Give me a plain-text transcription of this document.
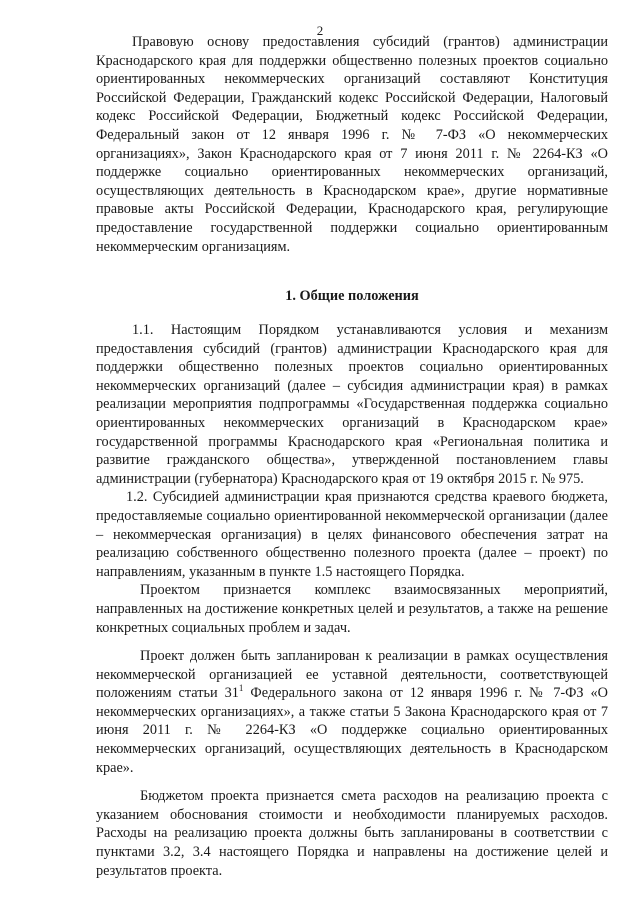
2

Правовую основу предоставления субсидий (грантов) администрации Краснодарского края для поддержки общественно полезных проектов социально ориентированных некоммерческих организаций составляют Конституция Российской Федерации, Гражданский кодекс Российской Федерации, Налоговый кодекс Российской Федерации, Бюджетный кодекс Российской Федерации, Федеральный закон от 12 января 1996 г. № 7-ФЗ «О некоммерческих организациях», Закон Краснодарского края от 7 июня 2011 г. № 2264-КЗ «О поддержке социально ориентированных некоммерческих организаций, осуществляющих деятельность в Краснодарском крае», другие нормативные правовые акты Российской Федерации, Краснодарского края, регулирующие предоставление государственной поддержки социально ориентированным некоммерческим организациям.

1. Общие положения

1.1. Настоящим Порядком устанавливаются условия и механизм предоставления субсидий (грантов) администрации Краснодарского края для поддержки общественно полезных проектов социально ориентированных некоммерческих организаций (далее – субсидия администрации края) в рамках реализации мероприятия подпрограммы «Государственная поддержка социально ориентированных некоммерческих организаций в Краснодарском крае» государственной программы Краснодарского края «Региональная политика и развитие гражданского общества», утвержденной постановлением главы администрации (губернатора) Краснодарского края от 19 октября 2015 г. № 975.

1.2. Субсидией администрации края признаются средства краевого бюджета, предоставляемые социально ориентированной некоммерческой организации (далее – некоммерческая организация) в целях финансового обеспечения затрат на реализацию собственного общественно полезного проекта (далее – проект) по направлениям, указанным в пункте 1.5 настоящего Порядка.

Проектом признается комплекс взаимосвязанных мероприятий, направленных на достижение конкретных целей и результатов, а также на решение конкретных социальных проблем и задач.

Проект должен быть запланирован к реализации в рамках осуществления некоммерческой организацией ее уставной деятельности, соответствующей положениям статьи 31$^1$ Федерального закона от 12 января 1996 г. № 7-ФЗ «О некоммерческих организациях», а также статьи 5 Закона Краснодарского края от 7 июня 2011 г. № 2264-КЗ «О поддержке социально ориентированных некоммерческих организаций, осуществляющих деятельность в Краснодарском крае».

Бюджетом проекта признается смета расходов на реализацию проекта с указанием обоснования стоимости и необходимости планируемых расходов. Расходы на реализацию проекта должны быть запланированы в соответствии с пунктами 3.2, 3.4 настоящего Порядка и направлены на достижение целей и результатов проекта.
